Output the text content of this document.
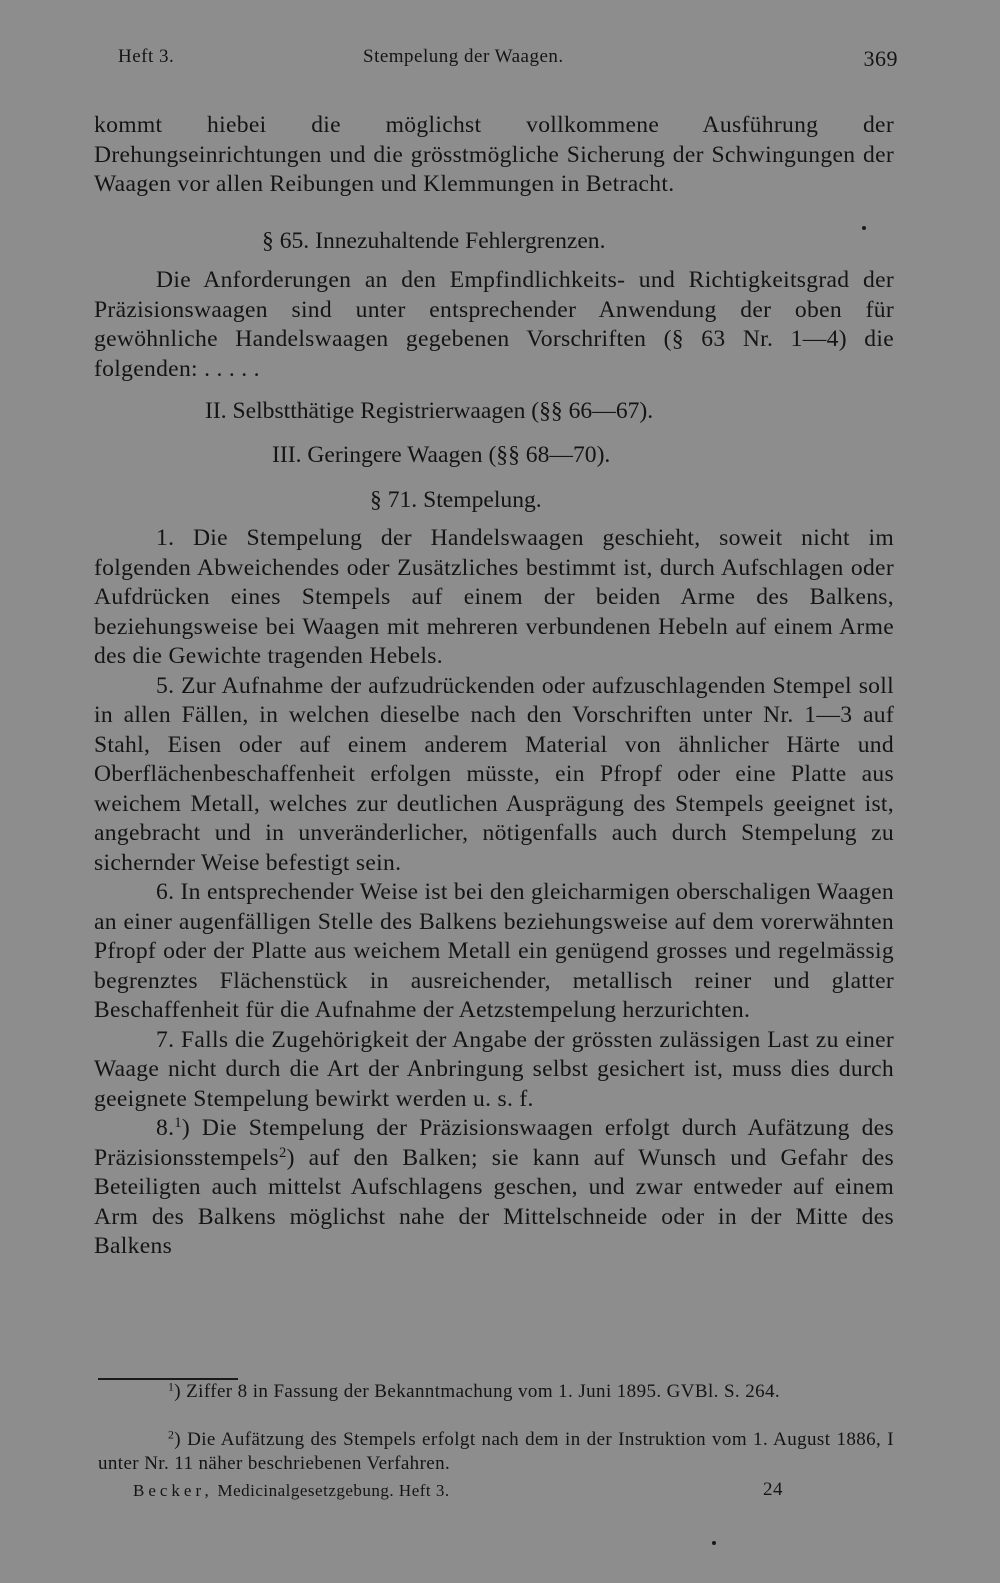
Heft 3.	Stempelung der Waagen.	369

kommt hiebei die möglichst vollkommene Ausführung der Drehungseinrichtungen und die grösstmögliche Sicherung der Schwingungen der Waagen vor allen Reibungen und Klemmungen in Betracht.

§ 65. Innezuhaltende Fehlergrenzen.

Die Anforderungen an den Empfindlichkeits- und Richtigkeitsgrad der Präzisionswaagen sind unter entsprechender Anwendung der oben für gewöhnliche Handelswaagen gegebenen Vorschriften (§ 63 Nr. 1—4) die folgenden: . . . . .

II. Selbstthätige Registrierwaagen (§§ 66—67).
III. Geringere Waagen (§§ 68—70).
§ 71. Stempelung.

1. Die Stempelung der Handelswaagen geschieht, soweit nicht im folgenden Abweichendes oder Zusätzliches bestimmt ist, durch Aufschlagen oder Aufdrücken eines Stempels auf einem der beiden Arme des Balkens, beziehungsweise bei Waagen mit mehreren verbundenen Hebeln auf einem Arme des die Gewichte tragenden Hebels.

5. Zur Aufnahme der aufzudrückenden oder aufzuschlagenden Stempel soll in allen Fällen, in welchen dieselbe nach den Vorschriften unter Nr. 1—3 auf Stahl, Eisen oder auf einem anderem Material von ähnlicher Härte und Oberflächenbeschaffenheit erfolgen müsste, ein Pfropf oder eine Platte aus weichem Metall, welches zur deutlichen Ausprägung des Stempels geeignet ist, angebracht und in unveränderlicher, nötigenfalls auch durch Stempelung zu sichernder Weise befestigt sein.

6. In entsprechender Weise ist bei den gleicharmigen oberschaligen Waagen an einer augenfälligen Stelle des Balkens beziehungsweise auf dem vorerwähnten Pfropf oder der Platte aus weichem Metall ein genügend grosses und regelmässig begrenztes Flächenstück in ausreichender, metallisch reiner und glatter Beschaffenheit für die Aufnahme der Aetzstempelung herzurichten.

7. Falls die Zugehörigkeit der Angabe der grössten zulässigen Last zu einer Waage nicht durch die Art der Anbringung selbst gesichert ist, muss dies durch geeignete Stempelung bewirkt werden u. s. f.

8.$^1$) Die Stempelung der Präzisionswaagen erfolgt durch Aufätzung des Präzisionsstempels$^2$) auf den Balken; sie kann auf Wunsch und Gefahr des Beteiligten auch mittelst Aufschlagens geschen, und zwar entweder auf einem Arm des Balkens möglichst nahe der Mittelschneide oder in der Mitte des Balkens

$^1$) Ziffer 8 in Fassung der Bekanntmachung vom 1. Juni 1895. GVBl. S. 264.

$^2$) Die Aufätzung des Stempels erfolgt nach dem in der Instruktion vom 1. August 1886, I unter Nr. 11 näher beschriebenen Verfahren.

Becker, Medicinalgesetzgebung. Heft 3.	24
